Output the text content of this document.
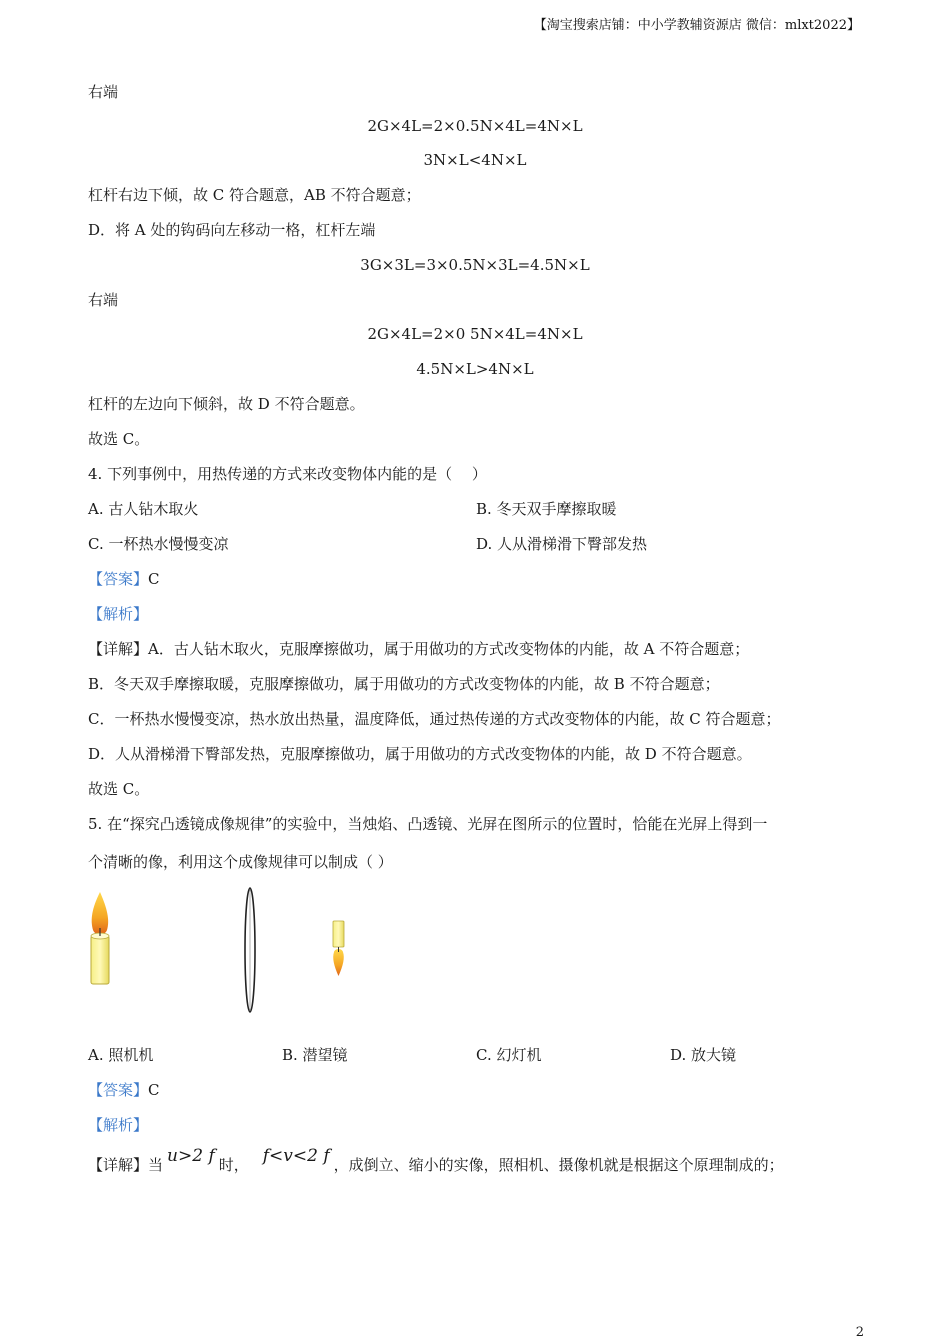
【淘宝搜索店铺：中小学教辅资源店 微信：mlxt2022】
右端
2G×4L=2×0.5N×4L=4N×L
3N×L<4N×L
杠杆右边下倾，故 C 符合题意，AB 不符合题意；
D．将 A 处的钩码向左移动一格，杠杆左端
3G×3L=3×0.5N×3L=4.5N×L
右端
2G×4L=2×0 5N×4L=4N×L
4.5N×L>4N×L
杠杆的左边向下倾斜，故 D 不符合题意。
故选 C。
4. 下列事例中，用热传递的方式来改变物体内能的是（　 ）
A. 古人钻木取火	B. 冬天双手摩擦取暖
C. 一杯热水慢慢变凉	D. 人从滑梯滑下臀部发热
【答案】C
【解析】
【详解】A．古人钻木取火，克服摩擦做功，属于用做功的方式改变物体的内能，故 A 不符合题意；
B．冬天双手摩擦取暖，克服摩擦做功，属于用做功的方式改变物体的内能，故 B 不符合题意；
C．一杯热水慢慢变凉，热水放出热量，温度降低，通过热传递的方式改变物体的内能，故 C 符合题意；
D．人从滑梯滑下臀部发热，克服摩擦做功，属于用做功的方式改变物体的内能，故 D 不符合题意。
故选 C。
5. 在“探究凸透镜成像规律”的实验中，当烛焰、凸透镜、光屏在图所示的位置时，恰能在光屏上得到一
个清晰的像，利用这个成像规律可以制成（ ）
A. 照机机	B. 潜望镜	C. 幻灯机	D. 放大镜
【答案】C
【解析】
【详解】当 u>2 f 时， f<v<2 f ，成倒立、缩小的实像，照相机、摄像机就是根据这个原理制成的；
2
